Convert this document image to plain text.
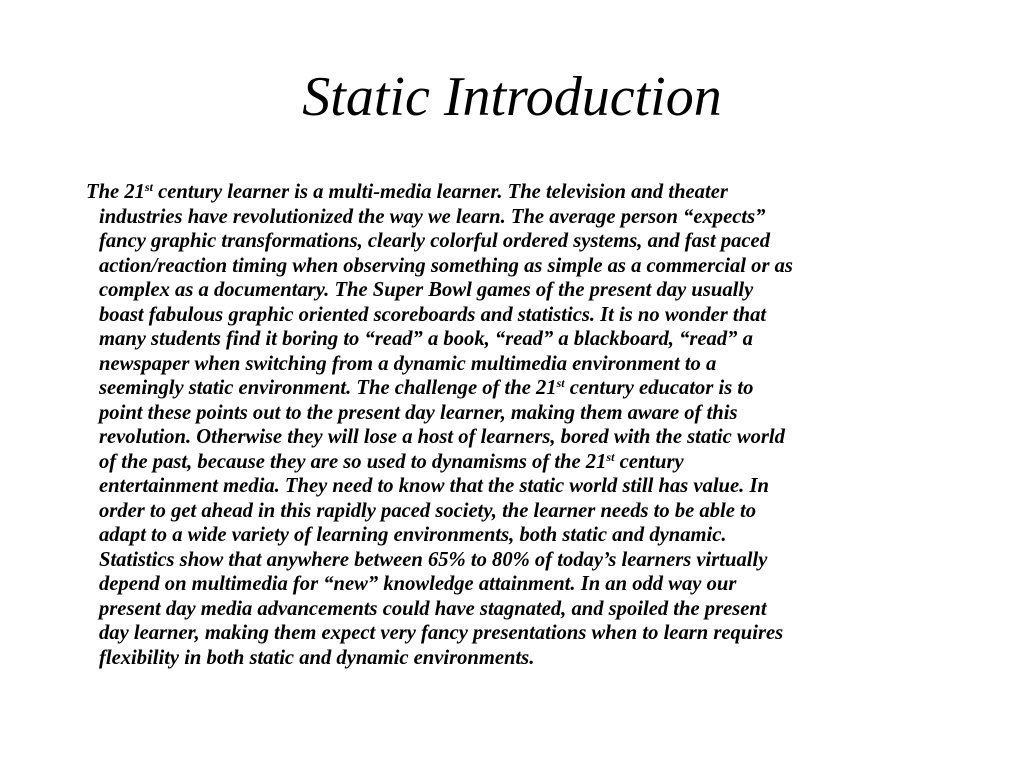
Static Introduction
The 21st century learner is a multi-media learner. The television and theater
industries have revolutionized the way we learn. The average person “expects”
fancy graphic transformations, clearly colorful ordered systems, and fast paced
action/reaction timing when observing something as simple as a commercial or as
complex as a documentary. The Super Bowl games of the present day usually
boast fabulous graphic oriented scoreboards and statistics. It is no wonder that
many students find it boring to “read” a book, “read” a blackboard, “read” a
newspaper when switching from a dynamic multimedia environment to a
seemingly static environment. The challenge of the 21st century educator is to
point these points out to the present day learner, making them aware of this
revolution. Otherwise they will lose a host of learners, bored with the static world
of the past, because they are so used to dynamisms of the 21st century
entertainment media. They need to know that the static world still has value. In
order to get ahead in this rapidly paced society, the learner needs to be able to
adapt to a wide variety of learning environments, both static and dynamic.
Statistics show that anywhere between 65% to 80% of today’s learners virtually
depend on multimedia for “new” knowledge attainment. In an odd way our
present day media advancements could have stagnated, and spoiled the present
day learner, making them expect very fancy presentations when to learn requires
flexibility in both static and dynamic environments.
